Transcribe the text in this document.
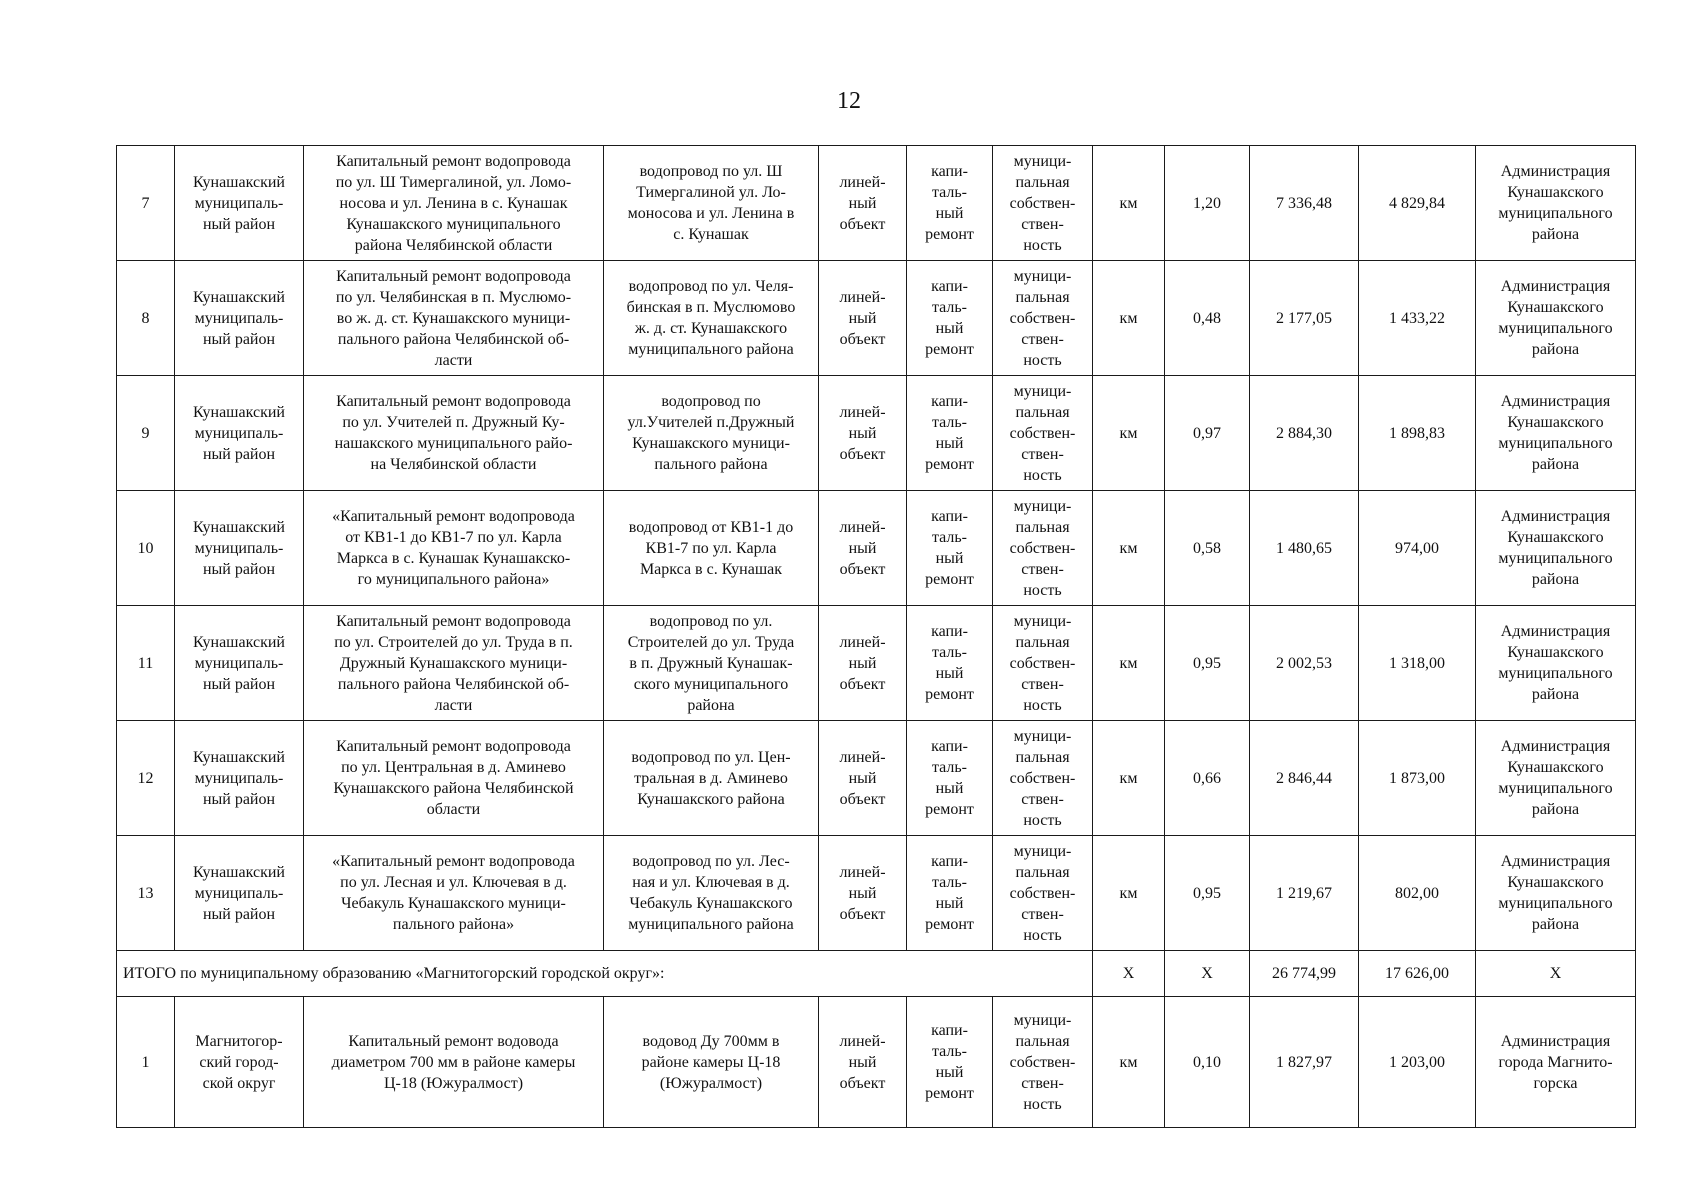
12
7	Кунашакский
муниципаль-
ный район	Капитальный ремонт водопровода
по ул. Ш Тимергалиной, ул. Ломо-
носова и ул. Ленина в с. Кунашак
Кунашакского муниципального
района Челябинской области	водопровод по ул. Ш
Тимергалиной ул. Ло-
моносова и ул. Ленина в
с. Кунашак	линей-
ный
объект	капи-
таль-
ный
ремонт	муници-
пальная
собствен-
ствен-
ность	км	1,20	7 336,48	4 829,84	Администрация
Кунашакского
муниципального
района

8	Кунашакский
муниципаль-
ный район	Капитальный ремонт водопровода
по ул. Челябинская в п. Муслюмо-
во ж. д. ст. Кунашакского муници-
пального района Челябинской об-
ласти	водопровод по ул. Челя-
бинская в п. Муслюмово
ж. д. ст. Кунашакского
муниципального района	линей-
ный
объект	капи-
таль-
ный
ремонт	муници-
пальная
собствен-
ствен-
ность	км	0,48	2 177,05	1 433,22	Администрация
Кунашакского
муниципального
района

9	Кунашакский
муниципаль-
ный район	Капитальный ремонт водопровода
по ул. Учителей п. Дружный Ку-
нашакского муниципального райо-
на Челябинской области	водопровод по
ул.Учителей п.Дружный
Кунашакского муници-
пального района	линей-
ный
объект	капи-
таль-
ный
ремонт	муници-
пальная
собствен-
ствен-
ность	км	0,97	2 884,30	1 898,83	Администрация
Кунашакского
муниципального
района

10	Кунашакский
муниципаль-
ный район	«Капитальный ремонт водопровода
от КВ1-1 до КВ1-7 по ул. Карла
Маркса в с. Кунашак Кунашакско-
го муниципального района»	водопровод от КВ1-1 до
КВ1-7 по ул. Карла
Маркса в с. Кунашак	линей-
ный
объект	капи-
таль-
ный
ремонт	муници-
пальная
собствен-
ствен-
ность	км	0,58	1 480,65	974,00	Администрация
Кунашакского
муниципального
района

11	Кунашакский
муниципаль-
ный район	Капитальный ремонт водопровода
по ул. Строителей до ул. Труда в п.
Дружный Кунашакского муници-
пального района Челябинской об-
ласти	водопровод по ул.
Строителей до ул. Труда
в п. Дружный Кунашак-
ского муниципального
района	линей-
ный
объект	капи-
таль-
ный
ремонт	муници-
пальная
собствен-
ствен-
ность	км	0,95	2 002,53	1 318,00	Администрация
Кунашакского
муниципального
района

12	Кунашакский
муниципаль-
ный район	Капитальный ремонт водопровода
по ул. Центральная в д. Аминево
Кунашакского района Челябинской
области	водопровод по ул. Цен-
тральная в д. Аминево
Кунашакского района	линей-
ный
объект	капи-
таль-
ный
ремонт	муници-
пальная
собствен-
ствен-
ность	км	0,66	2 846,44	1 873,00	Администрация
Кунашакского
муниципального
района

13	Кунашакский
муниципаль-
ный район	«Капитальный ремонт водопровода
по ул. Лесная и ул. Ключевая в д.
Чебакуль Кунашакского муници-
пального района»	водопровод по ул. Лес-
ная и ул. Ключевая в д.
Чебакуль Кунашакского
муниципального района	линей-
ный
объект	капи-
таль-
ный
ремонт	муници-
пальная
собствен-
ствен-
ность	км	0,95	1 219,67	802,00	Администрация
Кунашакского
муниципального
района

ИТОГО по муниципальному образованию «Магнитогорский городской округ»:							Х	Х	26 774,99	17 626,00	Х
1	Магнитогор-
ский город-
ской округ	Капитальный ремонт водовода
диаметром 700 мм в районе камеры
Ц-18 (Южуралмост)	водовод Ду 700мм в
районе камеры Ц-18
(Южуралмост)	линей-
ный
объект	капи-
таль-
ный
ремонт	муници-
пальная
собствен-
ствен-
ность	км	0,10	1 827,97	1 203,00	Администрация
города Магнито-
горска
